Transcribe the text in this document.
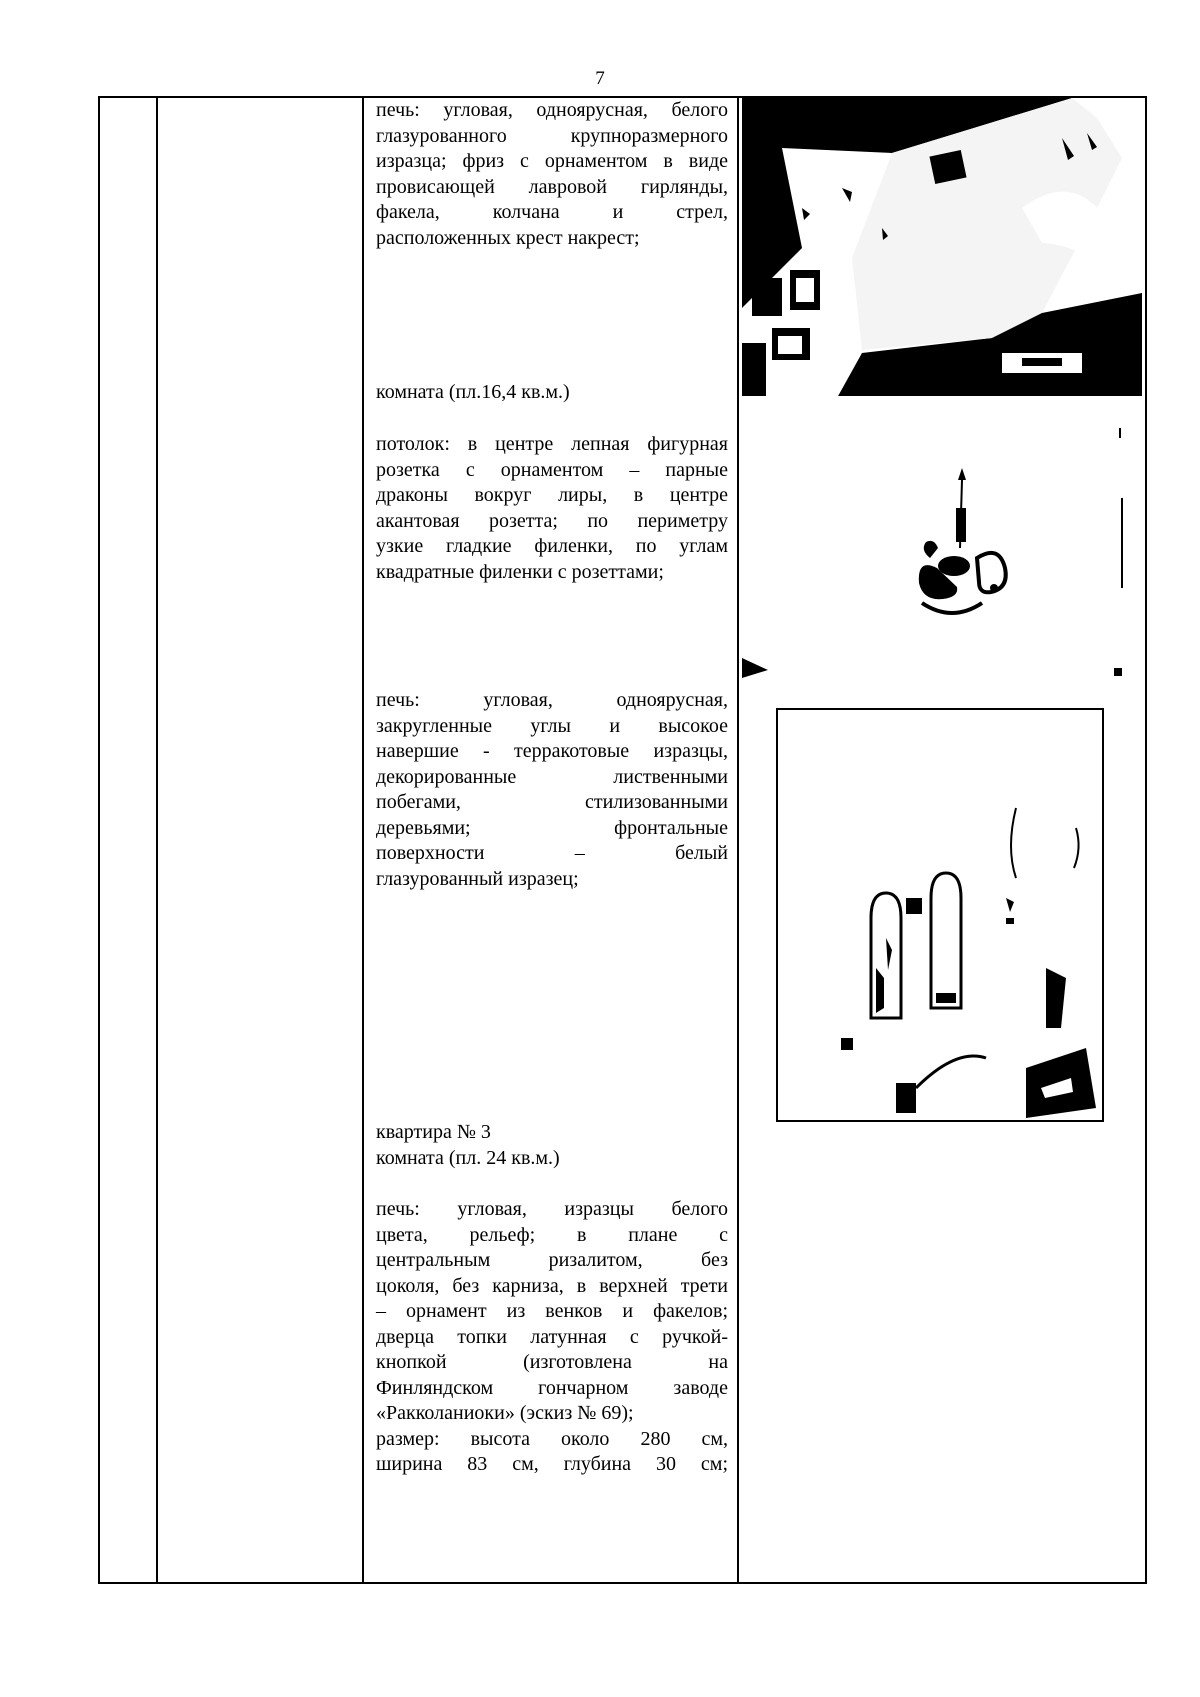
7

печь: угловая, одноярусная, белого

глазурованного крупноразмерного

изразца; фриз с орнаментом в виде

провисающей лавровой гирлянды,

факела, колчана и стрел,

расположенных крест накрест;

комната (пл.16,4 кв.м.)

потолок: в центре лепная фигурная

розетка с орнаментом – парные

драконы вокруг лиры, в центре

акантовая розетта; по периметру

узкие гладкие филенки, по углам

квадратные филенки с розеттами;

печь: угловая, одноярусная,

закругленные углы и высокое

навершие - терракотовые изразцы,

декорированные лиственными

побегами, стилизованными

деревьями; фронтальные

поверхности – белый

глазурованный изразец;

квартира № 3
комната (пл. 24 кв.м.)

печь: угловая, изразцы белого

цвета, рельеф; в плане с

центральным ризалитом, без

цоколя, без карниза, в верхней трети

– орнамент из венков и факелов;

дверца топки латунная с ручкой-

кнопкой (изготовлена на

Финляндском гончарном заводе

«Ракколаниоки» (эскиз № 69);

размер: высота около 280 см,

ширина 83 см, глубина 30 см;
